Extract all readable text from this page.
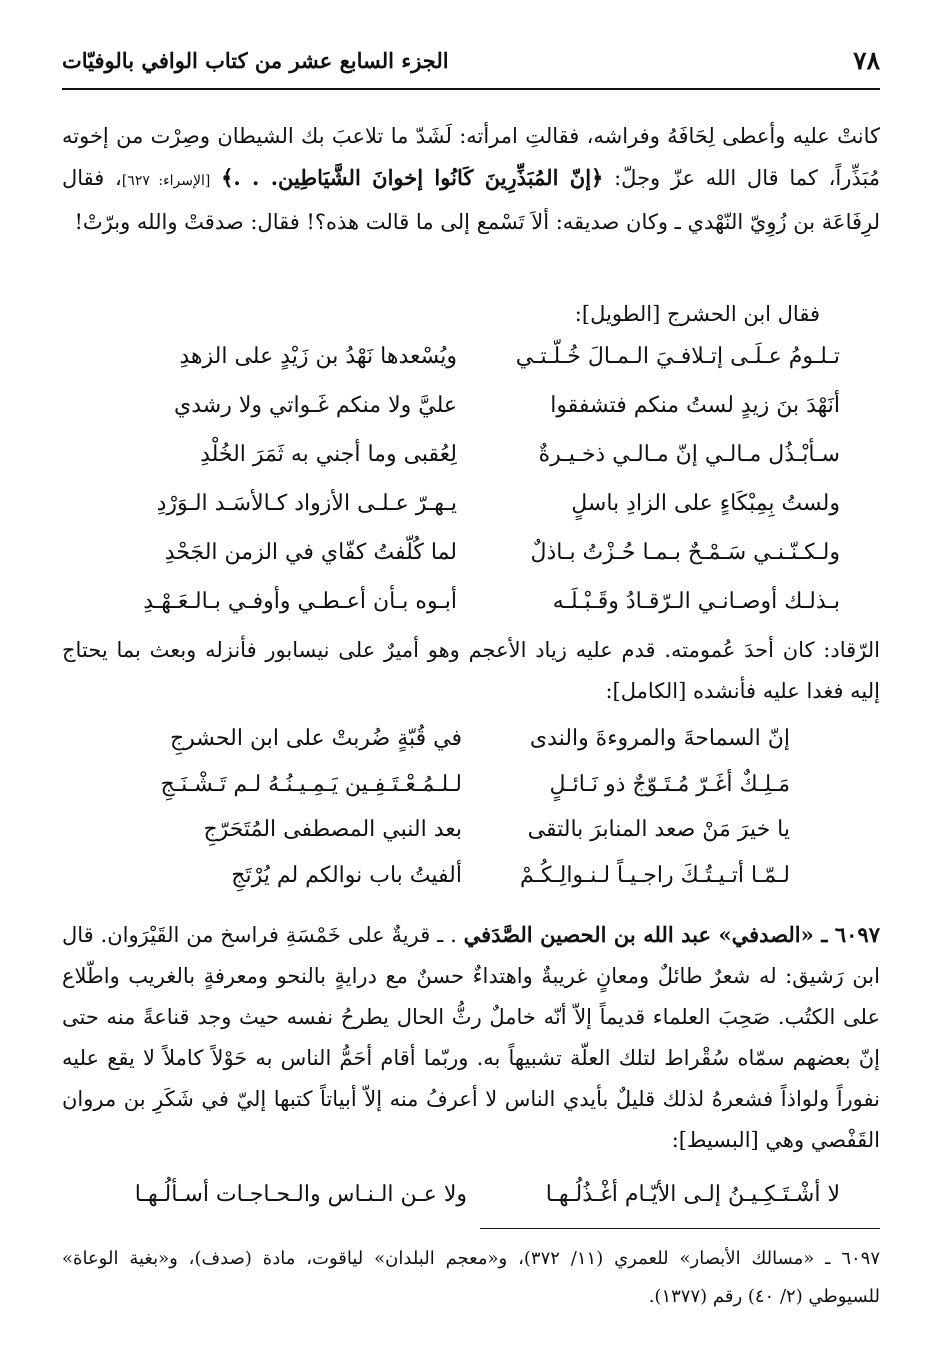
٧٨
الجزء السابع عشر من كتاب الوافي بالوفيّات

كانتْ عليه وأعطى لِحَافَهُ وفراشه، فقالتِ امرأته: لَشَدّ ما تلاعبَ بك الشيطان وصِرْت من إخوته مُبَذِّراً، كما قال الله عزّ وجلّ: ﴿إنّ المُبَذِّرِينَ كَانُوا إخوانَ الشَّيَاطِين. . .﴾ [الإسراء: ٦٢٧]، فقال لرِفَاعَة بن زُوِيّ النّهْدي ـ وكان صديقه: ألاَ تَسْمع إلى ما قالت هذه؟! فقال: صدقتْ والله وبرّتْ!

فقال ابن الحشرج [الطويل]:

تـلـومُ عـلَـى إتـلافـيَ الـمـالَ خُـلّـتـي
ويُسْعدها نَهْدُ بن زَيْدٍ على الزهدِ
أنَهْدَ بنَ زيدٍ لستُ منكم فتشفقوا
عليَّ ولا منكم غَـواتي ولا رشدي
سـأبْـذُل مـالـي إنّ مـالـي ذخـيـرةٌ
لِعُقبى وما أجني به ثَمَرَ الخُلْدِ
ولستُ بِمِبْكَاءٍ على الزادِ باسلٍ
يـهـرّ عـلـى الأزواد كـالأسَـد الـوَرْدِ
ولـكـنّـنـي سَـمْـحٌ بـمـا حُـزْتُ بـاذلٌ
لما كُلّفتُ كفّاي في الزمن الجَحْدِ
بـذلـك أوصـانـي الـرّقـادُ وقَـبْـلَـه
أبـوه بـأن أعـطـي وأوفـي بـالـعَـهْـدِ

الرّقاد: كان أحدَ عُمومته. قدم عليه زياد الأعجم وهو أميرٌ على نيسابور فأنزله وبعث بما يحتاج إليه فغدا عليه فأنشده [الكامل]:

إنّ السماحةَ والمروءةَ والندى
في قُبّةٍ ضُربتْ على ابن الحشرجِ
مَـلِـكٌ أغَـرّ مُـتَـوّجٌ ذو نَـائـلٍ
لـلـمُـعْـتَـفِـين يَـمِـيـنُـهُ لـم تَـشْـنَـجِ
يا خيرَ مَنْ صعد المنابرَ بالتقى
بعد النبي المصطفى المُتَحَرّجِ
لـمّـا أتـيـتُـكَ راجـيـاً لـنـوالِـكُـمْ
ألفيتُ باب نوالكم لم يُرْتَجِ

٦٠٩٧ ـ «الصدفي» عبد الله بن الحصين الصَّدَفي . ـ قريةٌ على خَمْسَةِ فراسخ من القَيْرَوان. قال ابن رَشيق: له شعرٌ طائلٌ ومعانٍ غريبةٌ واهتداءٌ حسنٌ مع درايةٍ بالنحو ومعرفةٍ بالغريب واطّلاع على الكتُب. صَحِبَ العلماء قديماً إلاّ أنّه خاملٌ رثُّ الحال يطرحُ نفسه حيث وجد قناعةً منه حتى إنّ بعضهم سمّاه سُقْراط لتلك العلّة تشبيهاً به. وربّما أقام أحَمُّ الناس به حَوْلاً كاملاً لا يقع عليه نفوراً ولواذاً فشعرهُ لذلك قليلٌ بأيدي الناس لا أعرفُ منه إلاّ أبياتاً كتبها إليّ في شَكَرِ بن مروان القَفْصي وهي [البسيط]:

لا أشْـتَـكِـيـنُ إلـى الأيّـام أغْـذُلُـهـا
ولا عـن الـنـاس والـحـاجـات أسـألُـهـا

٦٠٩٧ ـ «مسالك الأبصار» للعمري (١١/ ٣٧٢)، و«معجم البلدان» لياقوت، مادة (صدف)، و«بغية الوعاة» للسيوطي (٢/ ٤٠) رقم (١٣٧٧).
